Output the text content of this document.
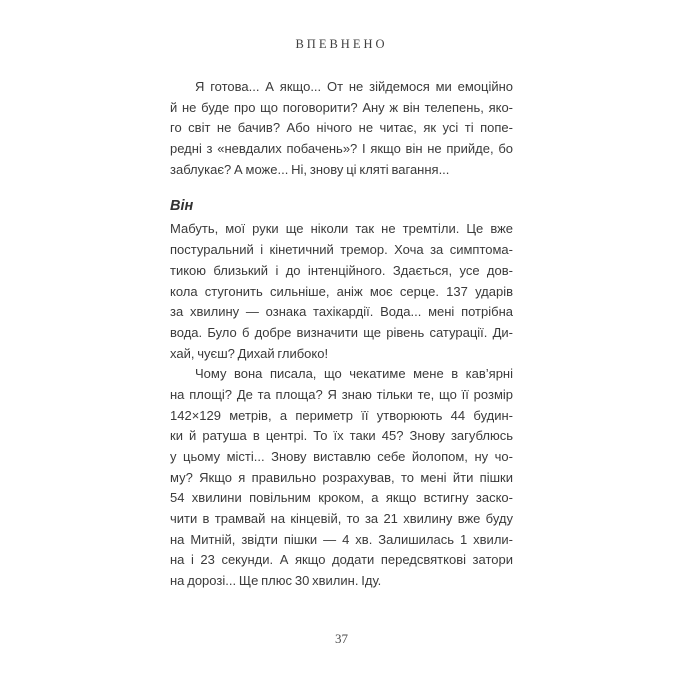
ВПЕВНЕНО
Я готова... А якщо... От не зійдемося ми емоційно
й не буде про що поговорити? Ану ж він телепень, яко-
го світ не бачив? Або нічого не читає, як усі ті попе-
редні з «невдалих побачень»? І якщо він не прийде, бо
заблукає? А може... Ні, знову ці кляті вагання...
Він
Мабуть, мої руки ще ніколи так не тремтіли. Це вже
постуральний і кінетичний тремор. Хоча за симптома-
тикою близький і до інтенційного. Здається, усе дов-
кола стугонить сильніше, аніж моє серце. 137 ударів
за хвилину — ознака тахікардії. Вода... мені потрібна
вода. Було б добре визначити ще рівень сатурації. Ди-
хай, чуєш? Дихай глибоко!
Чому вона писала, що чекатиме мене в кав’ярні
на площі? Де та площа? Я знаю тільки те, що її розмір
142×129 метрів, а периметр її утворюють 44 будин-
ки й ратуша в центрі. То їх таки 45? Знову загублюсь
у цьому місті... Знову виставлю себе йолопом, ну чо-
му? Якщо я правильно розрахував, то мені йти пішки
54 хвилини повільним кроком, а якщо встигну заско-
чити в трамвай на кінцевій, то за 21 хвилину вже буду
на Митній, звідти пішки — 4 хв. Залишилась 1 хвили-
на і 23 секунди. А якщо додати передсвяткові затори
на дорозі... Ще плюс 30 хвилин. Іду.
37
